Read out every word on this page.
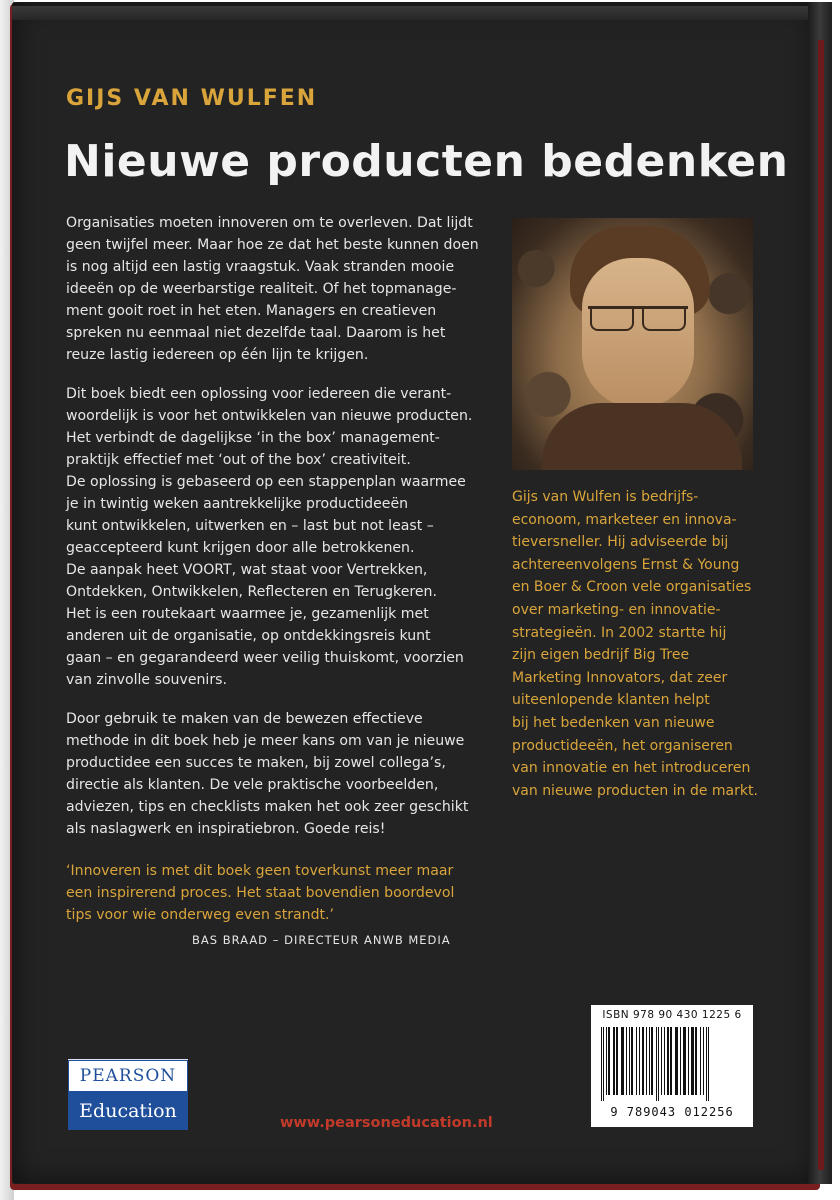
GIJS VAN WULFEN
Nieuwe producten bedenken

Organisaties moeten innoveren om te overleven. Dat lijdt
geen twijfel meer. Maar hoe ze dat het beste kunnen doen
is nog altijd een lastig vraagstuk. Vaak stranden mooie
ideeën op de weerbarstige realiteit. Of het topmanage-
ment gooit roet in het eten. Managers en creatieven
spreken nu eenmaal niet dezelfde taal. Daarom is het
reuze lastig iedereen op één lijn te krijgen.

Dit boek biedt een oplossing voor iedereen die verant-
woordelijk is voor het ontwikkelen van nieuwe producten.
Het verbindt de dagelijkse ‘in the box’ management-
praktijk effectief met ‘out of the box’ creativiteit.
De oplossing is gebaseerd op een stappenplan waarmee
je in twintig weken aantrekkelijke productideeën
kunt ontwikkelen, uitwerken en – last but not least –
geaccepteerd kunt krijgen door alle betrokkenen.
De aanpak heet VOORT, wat staat voor Vertrekken,
Ontdekken, Ontwikkelen, Reflecteren en Terugkeren.
Het is een routekaart waarmee je, gezamenlijk met
anderen uit de organisatie, op ontdekkingsreis kunt
gaan – en gegarandeerd weer veilig thuiskomt, voorzien
van zinvolle souvenirs.

Door gebruik te maken van de bewezen effectieve
methode in dit boek heb je meer kans om van je nieuwe
productidee een succes te maken, bij zowel collega’s,
directie als klanten. De vele praktische voorbeelden,
adviezen, tips en checklists maken het ook zeer geschikt
als naslagwerk en inspiratiebron. Goede reis!

Gijs van Wulfen is bedrijfs-
econoom, marketeer en innova-
tieversneller. Hij adviseerde bij
achtereenvolgens Ernst & Young
en Boer & Croon vele organisaties
over marketing- en innovatie-
strategieën. In 2002 startte hij
zijn eigen bedrijf Big Tree
Marketing Innovators, dat zeer
uiteenlopende klanten helpt
bij het bedenken van nieuwe
productideeën, het organiseren
van innovatie en het introduceren
van nieuwe producten in de markt.
‘Innoveren is met dit boek geen toverkunst meer maar
een inspirerend proces. Het staat bovendien boordevol
tips voor wie onderweg even strandt.’
BAS BRAAD – DIRECTEUR ANWB MEDIA
ISBN 978 90 430 1225 6
9 789043 012256
PEARSON
Education
www.pearsoneducation.nl
